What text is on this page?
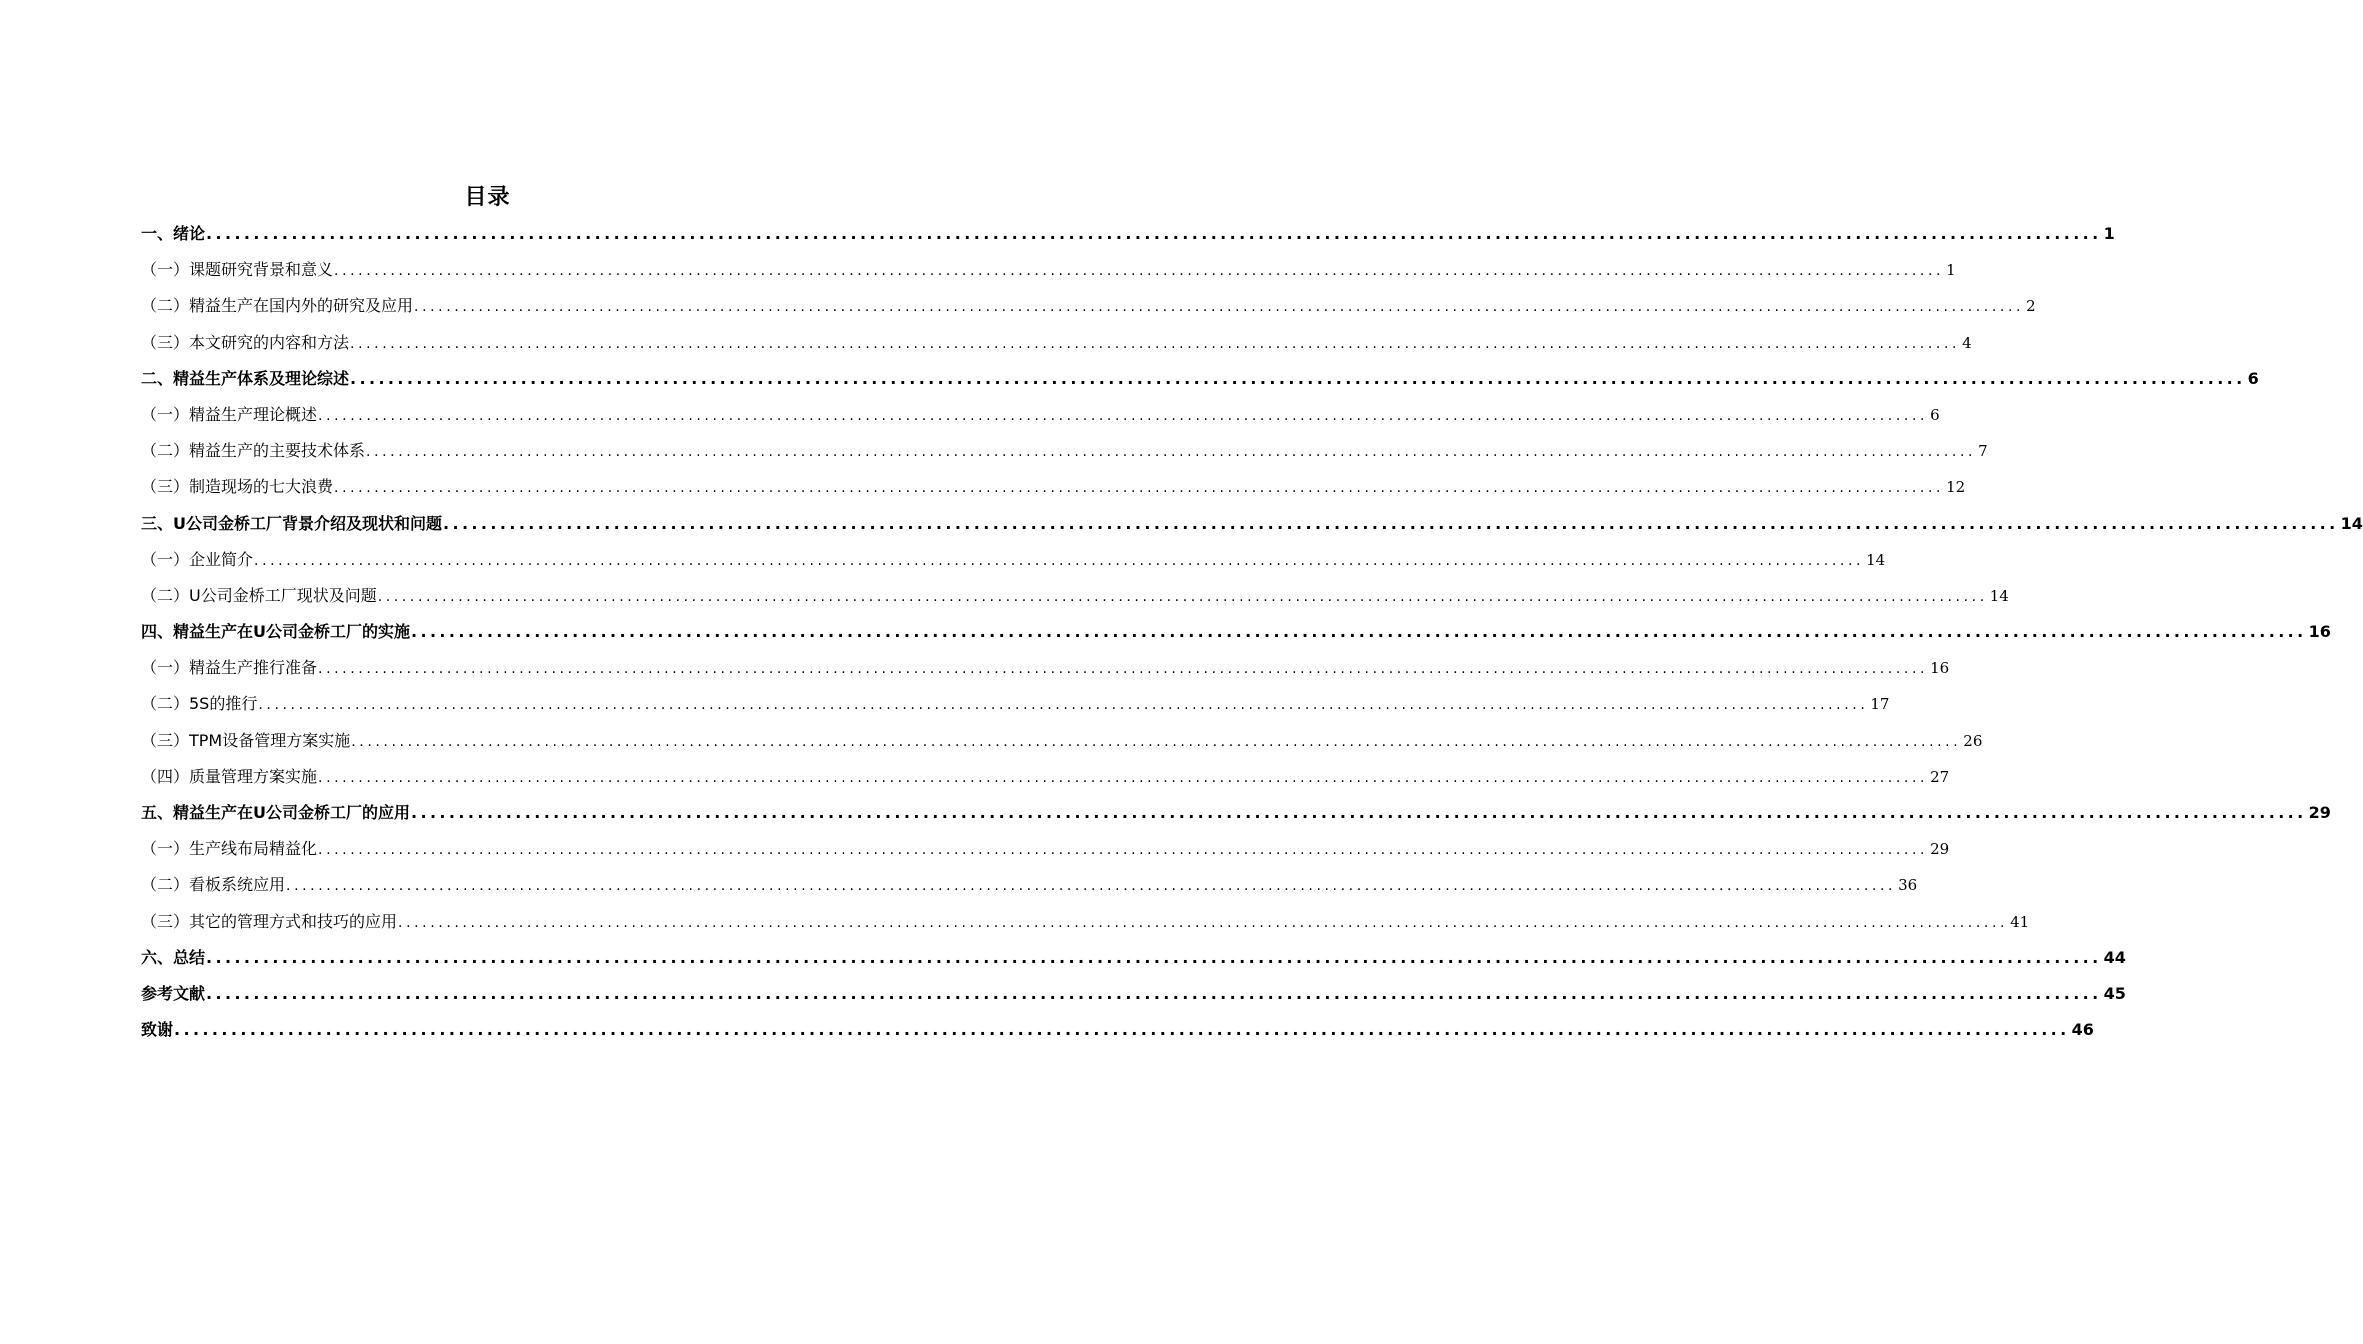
目录
一、绪论 ........................................................................................................................................................................................................ 1
（一）课题研究背景和意义 ........................................................................................................................................................................................................ 1
（二）精益生产在国内外的研究及应用 ........................................................................................................................................................................................................ 2
（三）本文研究的内容和方法 ........................................................................................................................................................................................................ 4
二、精益生产体系及理论综述 ........................................................................................................................................................................................................ 6
（一）精益生产理论概述 ........................................................................................................................................................................................................ 6
（二）精益生产的主要技术体系 ........................................................................................................................................................................................................ 7
（三）制造现场的七大浪费 ........................................................................................................................................................................................................ 12
三、U公司金桥工厂背景介绍及现状和问题 ........................................................................................................................................................................................................ 14
（一）企业简介 ........................................................................................................................................................................................................ 14
（二）U公司金桥工厂现状及问题 ........................................................................................................................................................................................................ 14
四、精益生产在U公司金桥工厂的实施 ........................................................................................................................................................................................................ 16
（一）精益生产推行准备 ........................................................................................................................................................................................................ 16
（二）5S的推行 ........................................................................................................................................................................................................ 17
（三）TPM设备管理方案实施 ........................................................................................................................................................................................................ 26
（四）质量管理方案实施 ........................................................................................................................................................................................................ 27
五、精益生产在U公司金桥工厂的应用 ........................................................................................................................................................................................................ 29
（一）生产线布局精益化 ........................................................................................................................................................................................................ 29
（二）看板系统应用 ........................................................................................................................................................................................................ 36
（三）其它的管理方式和技巧的应用 ........................................................................................................................................................................................................ 41
六、总结 ........................................................................................................................................................................................................ 44
参考文献 ........................................................................................................................................................................................................ 45
致谢 ........................................................................................................................................................................................................ 46
